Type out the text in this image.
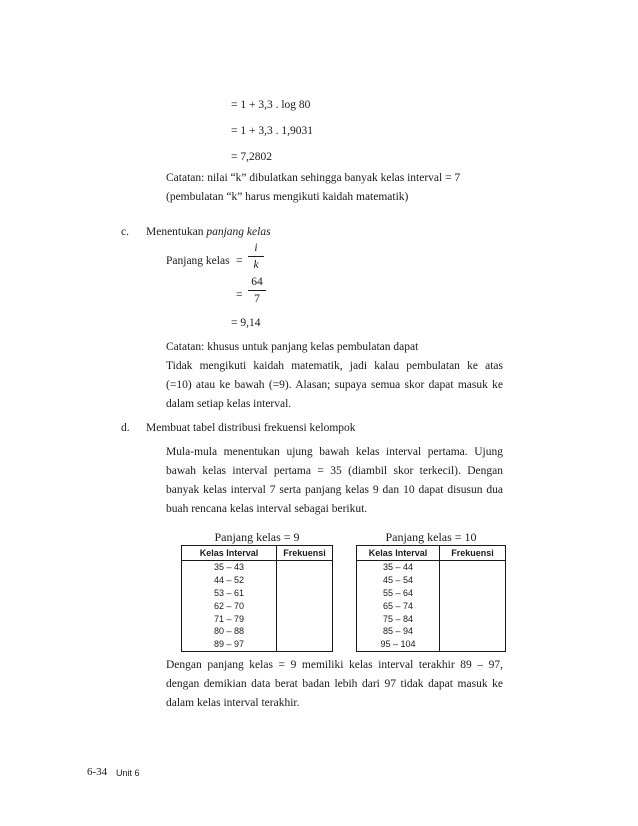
= 1 + 3,3 . log 80
= 1 + 3,3 . 1,9031
= 7,2802
Catatan: nilai “k” dibulatkan sehingga banyak kelas interval = 7
(pembulatan “k” harus mengikuti kaidah matematik)
c. Menentukan panjang kelas
Panjang kelas =
i
k
=
64
7
= 9,14
Catatan: khusus untuk panjang kelas pembulatan dapat
Tidak mengikuti kaidah matematik, jadi kalau pembulatan ke atas
(=10) atau ke bawah (=9). Alasan; supaya semua skor dapat masuk ke
dalam setiap kelas interval.
d. Membuat tabel distribusi frekuensi kelompok
Mula-mula menentukan ujung bawah kelas interval pertama. Ujung
bawah kelas interval pertama = 35 (diambil skor terkecil). Dengan
banyak kelas interval 7 serta panjang kelas 9 dan 10 dapat disusun dua
buah rencana kelas interval sebagai berikut.
Panjang kelas = 9
Kelas Interval	Frekuensi
35 – 43	
44 – 52	
53 – 61	
62 – 70	
71 – 79	
80 – 88	
89 – 97	
Panjang kelas = 10
Kelas Interval	Frekuensi
35 – 44	
45 – 54	
55 – 64	
65 – 74	
75 – 84	
85 – 94	
95 – 104	
Dengan panjang kelas = 9 memiliki kelas interval terakhir 89 – 97,
dengan demikian data berat badan lebih dari 97 tidak dapat masuk ke
dalam kelas interval terakhir.
6-34 Unit 6
